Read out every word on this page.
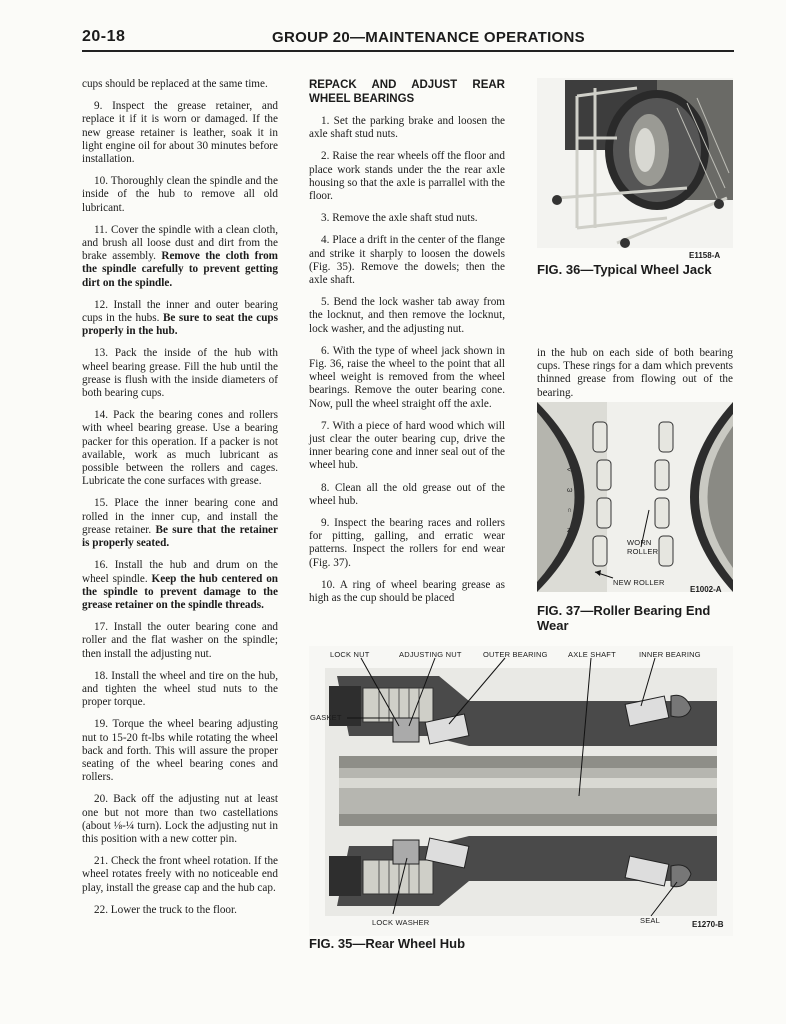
20-18	GROUP 20—MAINTENANCE OPERATIONS

cups should be replaced at the same time.

9. Inspect the grease retainer, and replace it if it is worn or damaged. If the new grease retainer is leather, soak it in light engine oil for about 30 minutes before installation.

10. Thoroughly clean the spindle and the inside of the hub to remove all old lubricant.

11. Cover the spindle with a clean cloth, and brush all loose dust and dirt from the brake assembly. Remove the cloth from the spindle carefully to prevent getting dirt on the spindle.

12. Install the inner and outer bearing cups in the hubs. Be sure to seat the cups properly in the hub.

13. Pack the inside of the hub with wheel bearing grease. Fill the hub until the grease is flush with the inside diameters of both bearing cups.

14. Pack the bearing cones and rollers with wheel bearing grease. Use a bearing packer for this operation. If a packer is not available, work as much lubricant as possible between the rollers and cages. Lubricate the cone surfaces with grease.

15. Place the inner bearing cone and rolled in the inner cup, and install the grease retainer. Be sure that the retainer is properly seated.

16. Install the hub and drum on the wheel spindle. Keep the hub centered on the spindle to prevent damage to the grease retainer on the spindle threads.

17. Install the outer bearing cone and roller and the flat washer on the spindle; then install the adjusting nut.

18. Install the wheel and tire on the hub, and tighten the wheel stud nuts to the proper torque.

19. Torque the wheel bearing adjusting nut to 15-20 ft-lbs while rotating the wheel back and forth. This will assure the proper seating of the wheel bearing cones and rollers.

20. Back off the adjusting nut at least one but not more than two castellations (about ⅛-¼ turn). Lock the adjusting nut in this position with a new cotter pin.

21. Check the front wheel rotation. If the wheel rotates freely with no noticeable end play, install the grease cap and the hub cap.

22. Lower the truck to the floor.

REPACK AND ADJUST REAR WHEEL BEARINGS

1. Set the parking brake and loosen the axle shaft stud nuts.

2. Raise the rear wheels off the floor and place work stands under the the rear axle housing so that the axle is parrallel with the floor.

3. Remove the axle shaft stud nuts.

4. Place a drift in the center of the flange and strike it sharply to loosen the dowels (Fig. 35). Remove the dowels; then the axle shaft.

5. Bend the lock washer tab away from the locknut, and then remove the locknut, lock washer, and the adjusting nut.

6. With the type of wheel jack shown in Fig. 36, raise the wheel to the point that all wheel weight is removed from the wheel bearings. Remove the outer bearing cone. Now, pull the wheel straight off the axle.

7. With a piece of hard wood which will just clear the outer bearing cup, drive the inner bearing cone and inner seal out of the wheel hub.

8. Clean all the old grease out of the wheel hub.

9. Inspect the bearing races and rollers for pitting, galling, and erratic wear patterns. Inspect the rollers for end wear (Fig. 37).

10. A ring of wheel bearing grease as high as the cup should be placed

E1158-A
FIG. 36—Typical Wheel Jack

in the hub on each side of both bearing cups. These rings for a dam which prevents thinned grease from flowing out of the bearing.

<
ω
∩
z
WORN ROLLER
NEW ROLLER
E1002-A
FIG. 37—Roller Bearing End Wear
LOCK NUT	ADJUSTING NUT	OUTER BEARING	AXLE SHAFT	INNER BEARING
GASKET
LOCK WASHER	SEAL	E1270-B
FIG. 35—Rear Wheel Hub
